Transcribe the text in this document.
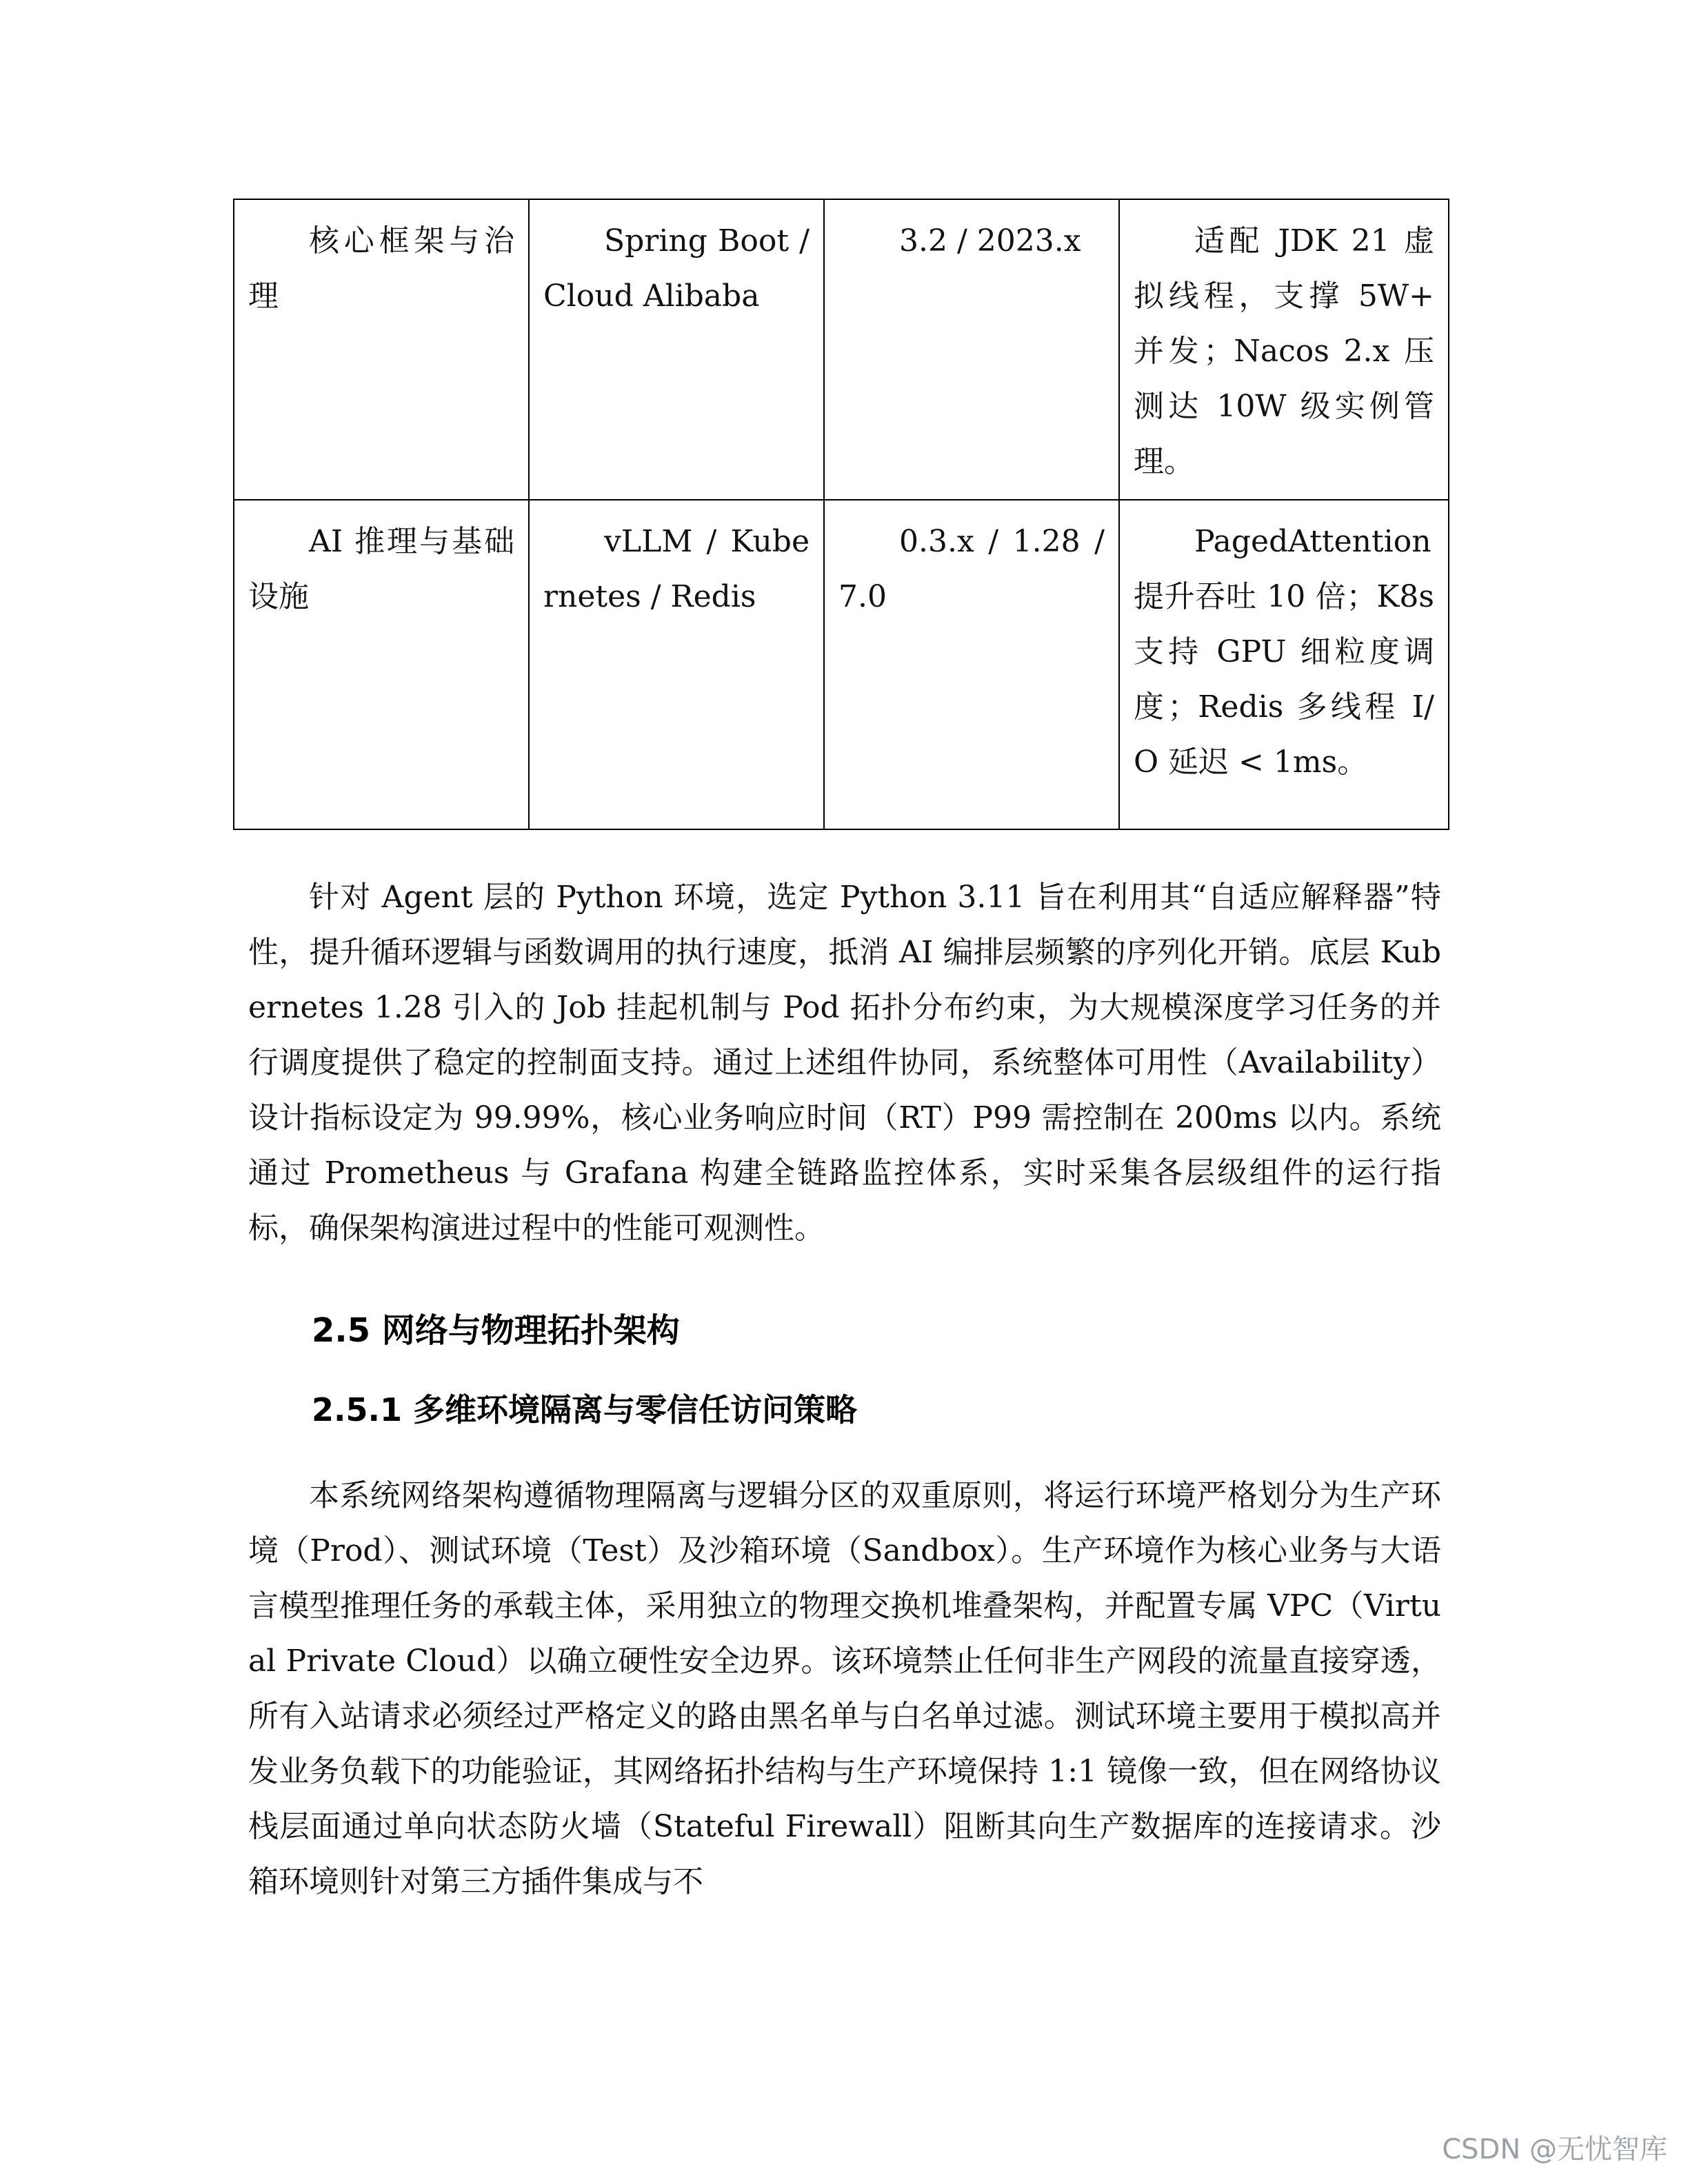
核心框架与治理	Spring Boot / Cloud Alibaba	3.2 / 2023.x	适配 JDK 21 虚拟线程，支撑 5W+ 并发；Nacos 2.x 压测达 10W 级实例管理。
AI 推理与基础设施	vLLM / Kubernetes / Redis	0.3.x / 1.28 / 7.0	PagedAttention 提升吞吐 10 倍；K8s 支持 GPU 细粒度调度；Redis 多线程 I/O 延迟 < 1ms。

针对 Agent 层的 Python 环境，选定 Python 3.11 旨在利用其“自适应解释器”特性，提升循环逻辑与函数调用的执行速度，抵消 AI 编排层频繁的序列化开销。底层 Kubernetes 1.28 引入的 Job 挂起机制与 Pod 拓扑分布约束，为大规模深度学习任务的并行调度提供了稳定的控制面支持。通过上述组件协同，系统整体可用性（Availability）设计指标设定为 99.99%，核心业务响应时间（RT）P99 需控制在 200ms 以内。系统通过 Prometheus 与 Grafana 构建全链路监控体系，实时采集各层级组件的运行指标，确保架构演进过程中的性能可观测性。

2.5 网络与物理拓扑架构
2.5.1 多维环境隔离与零信任访问策略

本系统网络架构遵循物理隔离与逻辑分区的双重原则，将运行环境严格划分为生产环境（Prod）、测试环境（Test）及沙箱环境（Sandbox）。生产环境作为核心业务与大语言模型推理任务的承载主体，采用独立的物理交换机堆叠架构，并配置专属 VPC（Virtual Private Cloud）以确立硬性安全边界。该环境禁止任何非生产网段的流量直接穿透，所有入站请求必须经过严格定义的路由黑名单与白名单过滤。测试环境主要用于模拟高并发业务负载下的功能验证，其网络拓扑结构与生产环境保持 1:1 镜像一致，但在网络协议栈层面通过单向状态防火墙（Stateful Firewall）阻断其向生产数据库的连接请求。沙箱环境则针对第三方插件集成与不

CSDN @无忧智库
